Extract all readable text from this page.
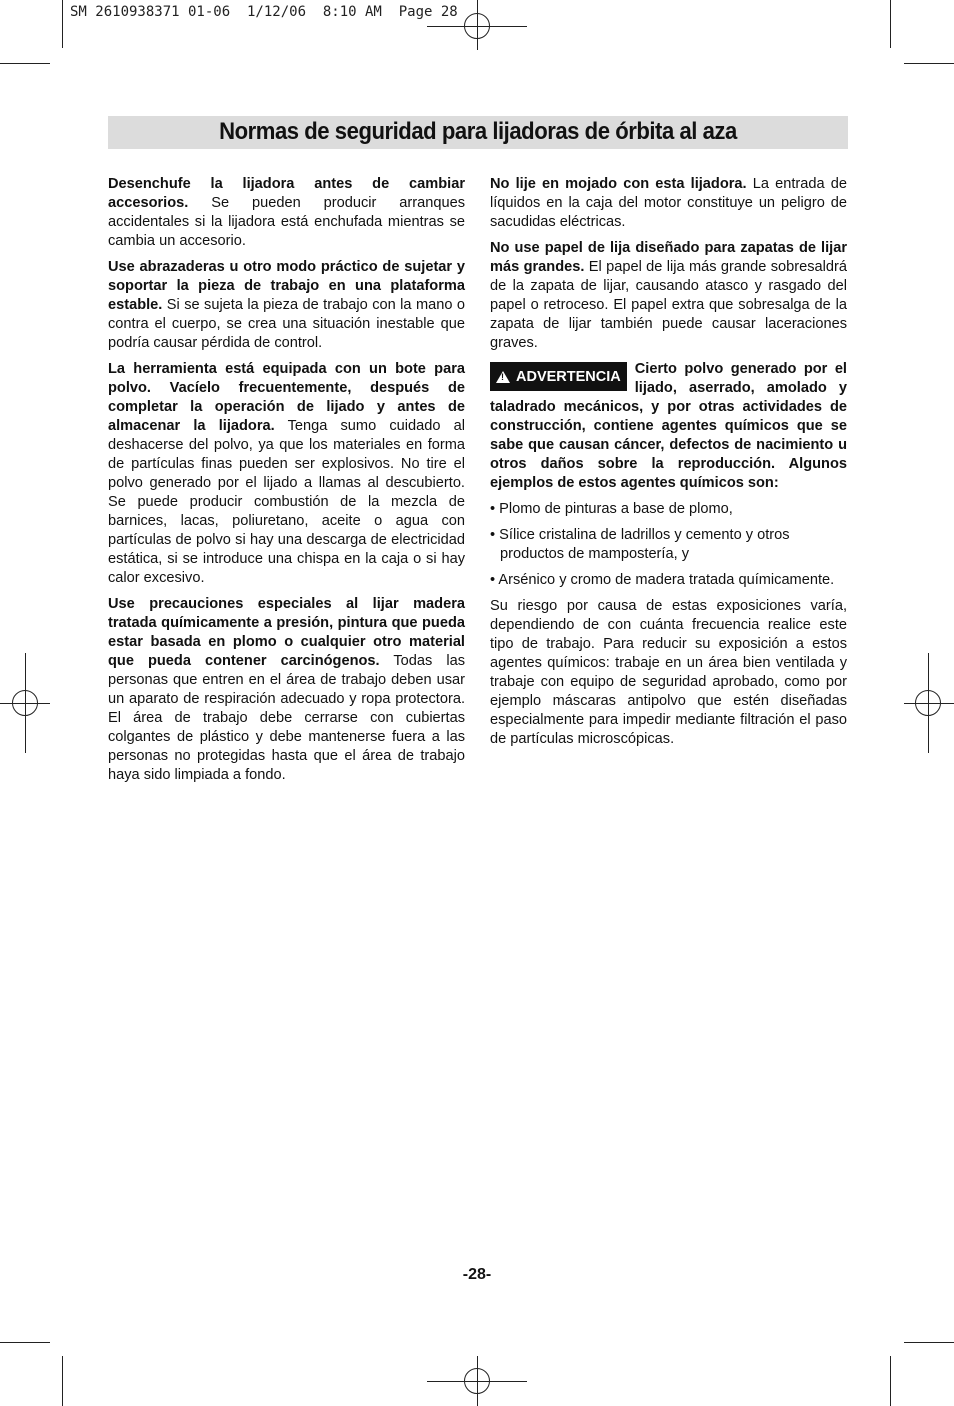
SM 2610938371 01-06  1/12/06  8:10 AM  Page 28
Normas de seguridad para lijadoras de órbita al aza

Desenchufe la lijadora antes de cambiar accesorios. Se pueden producir arranques accidentales si la lijadora está enchufada mientras se cambia un accesorio.

Use abrazaderas u otro modo práctico de sujetar y soportar la pieza de trabajo en una plataforma estable. Si se sujeta la pieza de trabajo con la mano o contra el cuerpo, se crea una situación inestable que podría causar pérdida de control.

La herramienta está equipada con un bote para polvo. Vacíelo frecuentemente, después de completar la operación de lijado y antes de almacenar la lijadora. Tenga sumo cuidado al deshacerse del polvo, ya que los materiales en forma de partículas finas pueden ser explosivos. No tire el polvo generado por el lijado a llamas al descubierto. Se puede producir combustión de la mezcla de barnices, lacas, poliuretano, aceite o agua con partículas de polvo si hay una descarga de electricidad estática, si se introduce una chispa en la caja o si hay calor excesivo.

Use precauciones especiales al lijar madera tratada químicamente a presión, pintura que pueda estar basada en plomo o cualquier otro material que pueda contener carcinógenos. Todas las personas que entren en el área de trabajo deben usar un aparato de respiración adecuado y ropa protectora. El área de trabajo debe cerrarse con cubiertas colgantes de plástico y debe mantenerse fuera a las personas no protegidas hasta que el área de trabajo haya sido limpiada a fondo.

No lije en mojado con esta lijadora. La entrada de líquidos en la caja del motor constituye un peligro de sacudidas eléctricas.

No use papel de lija diseñado para zapatas de lijar más grandes. El papel de lija más grande sobresaldrá de la zapata de lijar, causando atasco y rasgado del papel o retroceso. El papel extra que sobresalga de la zapata de lijar también puede causar laceraciones graves.

!
ADVERTENCIA Cierto polvo generado por el lijado, aserrado, amolado y taladrado mecánicos, y por otras actividades de construcción, contiene agentes químicos que se sabe que causan cáncer, defectos de nacimiento u otros daños sobre la reproducción. Algunos ejemplos de estos agentes químicos son:

• Plomo de pinturas a base de plomo,

• Sílice cristalina de ladrillos y cemento y otros productos de mampostería, y

• Arsénico y cromo de madera tratada químicamente.

Su riesgo por causa de estas exposiciones varía, dependiendo de con cuánta frecuencia realice este tipo de trabajo. Para reducir su exposición a estos agentes químicos: trabaje en un área bien ventilada y trabaje con equipo de seguridad aprobado, como por ejemplo máscaras antipolvo que estén diseñadas especialmente para impedir mediante filtración el paso de partículas microscópicas.

-28-
